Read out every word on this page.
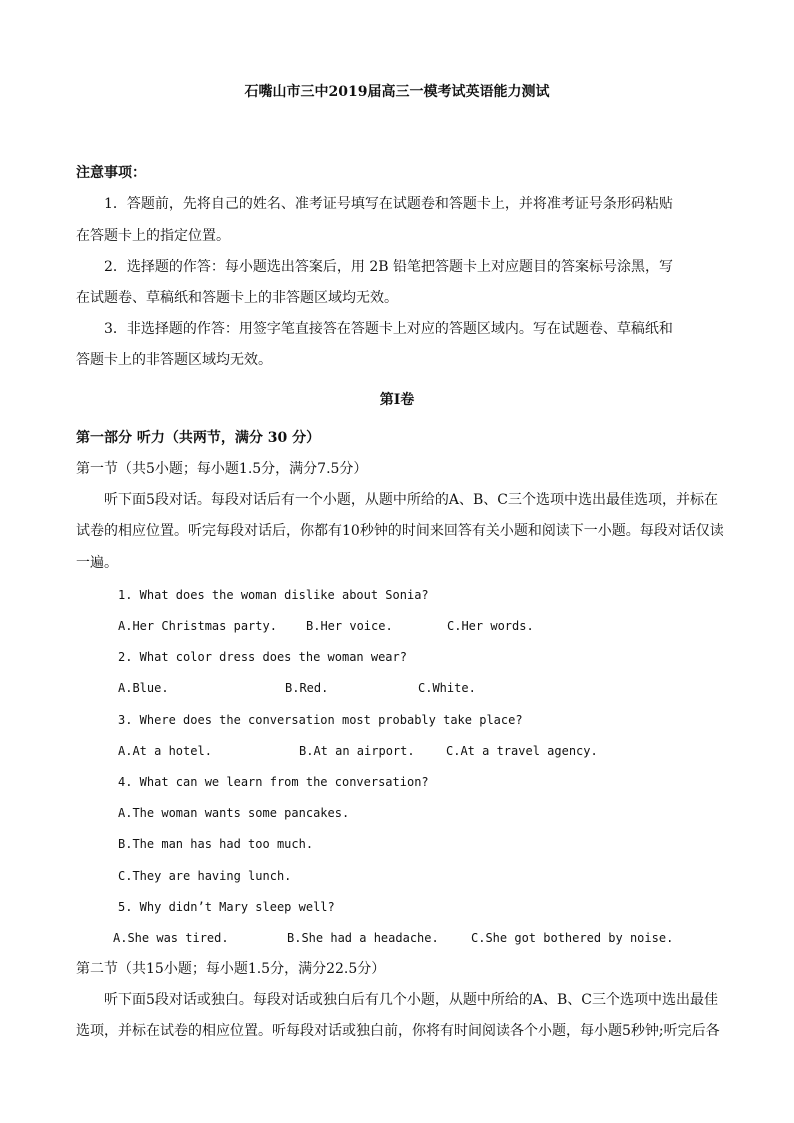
石嘴山市三中2019届高三一模考试英语能力测试
注意事项：
1．答题前，先将自己的姓名、准考证号填写在试题卷和答题卡上，并将准考证号条形码粘贴
在答题卡上的指定位置。
2．选择题的作答：每小题选出答案后，用 2B 铅笔把答题卡上对应题目的答案标号涂黑，写
在试题卷、草稿纸和答题卡上的非答题区域均无效。
3．非选择题的作答：用签字笔直接答在答题卡上对应的答题区域内。写在试题卷、草稿纸和
答题卡上的非答题区域均无效。
第Ⅰ卷
第一部分 听力（共两节，满分 30 分）
第一节（共5小题；每小题1.5分，满分7.5分）
听下面5段对话。每段对话后有一个小题，从题中所给的A、B、C三个选项中选出最佳选项，并标在
试卷的相应位置。听完每段对话后，你都有10秒钟的时间来回答有关小题和阅读下一小题。每段对话仅读
一遍。
1. What does the woman dislike about Sonia?
A.Her Christmas party. B.Her voice.	C.Her words.
2. What color dress does the woman wear?
A.Blue.	B.Red.	C.White.
3. Where does the conversation most probably take place?
A.At a hotel.	B.At an airport.	C.At a travel agency.
4. What can we learn from the conversation?
A.The woman wants some pancakes.
B.The man has had too much.
C.They are having lunch.
5. Why didn’t Mary sleep well?
A.She was tired.	B.She had a headache.	C.She got bothered by noise.
第二节（共15小题；每小题1.5分，满分22.5分）
听下面5段对话或独白。每段对话或独白后有几个小题，从题中所给的A、B、C三个选项中选出最佳
选项，并标在试卷的相应位置。听每段对话或独白前，你将有时间阅读各个小题，每小题5秒钟;听完后各
